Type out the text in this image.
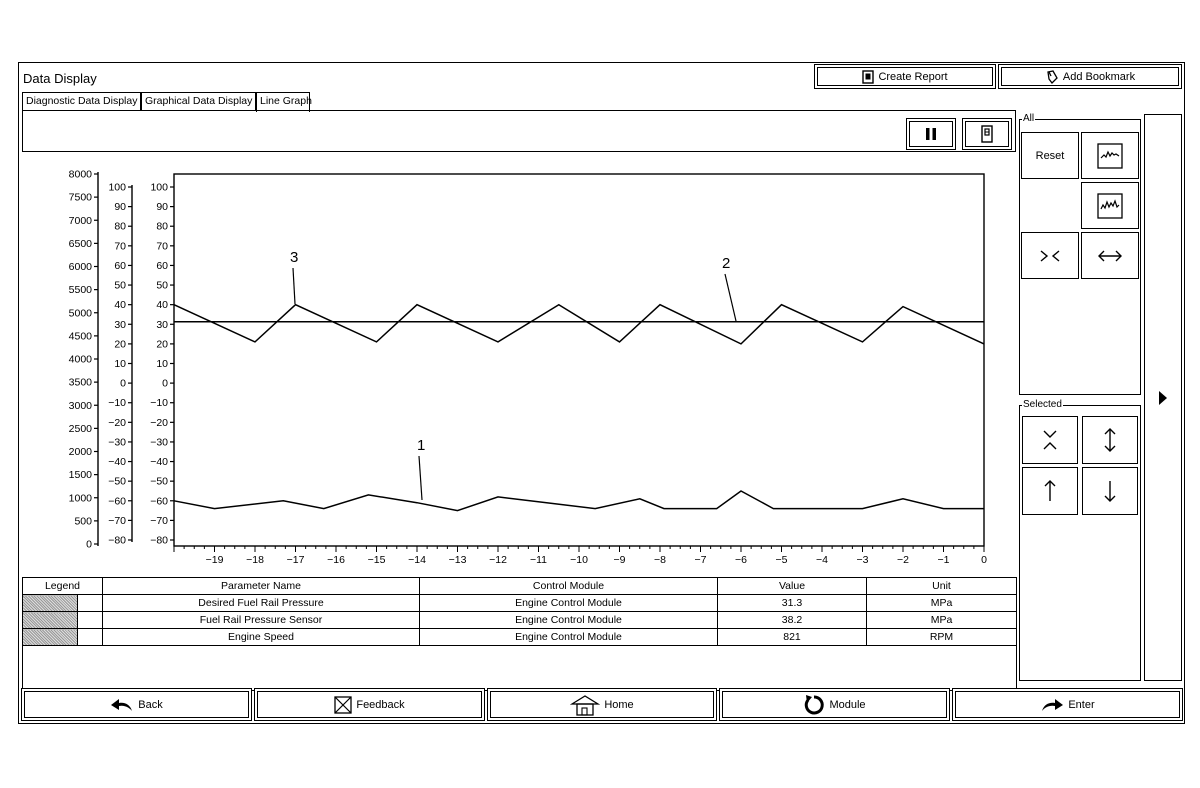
Data Display	Create Report	Add Bookmark
Diagnostic Data Display Graphical Data Display Line Graph
8000
7500
7000
6500
6000
5500
5000
4500
4000
3500
3000
2500
2000
1500
1000
500
0
100
90
80
70
60
50
40
30
20
10
0
−10
−20
−30
−40
−50
−60
−70
−80
100
90
80
70
60
50
40
30
20
10
0
−10
−20
−30
−40
−50
−60
−70
−80
−19 −18 −17 −16 −15 −14 −13 −12 −11 −10 −9	−8	−7	−6	−5	−4	−3	−2	−1	0
1
2
3
Legend		Parameter Name	Control Module	Value	Unit
		Desired Fuel Rail Pressure	Engine Control Module	31.3	MPa
		Fuel Rail Pressure Sensor	Engine Control Module	38.2	MPa
		Engine Speed	Engine Control Module	821	RPM

All
Reset
Selected
Back	Feedback	Home	Module	Enter
